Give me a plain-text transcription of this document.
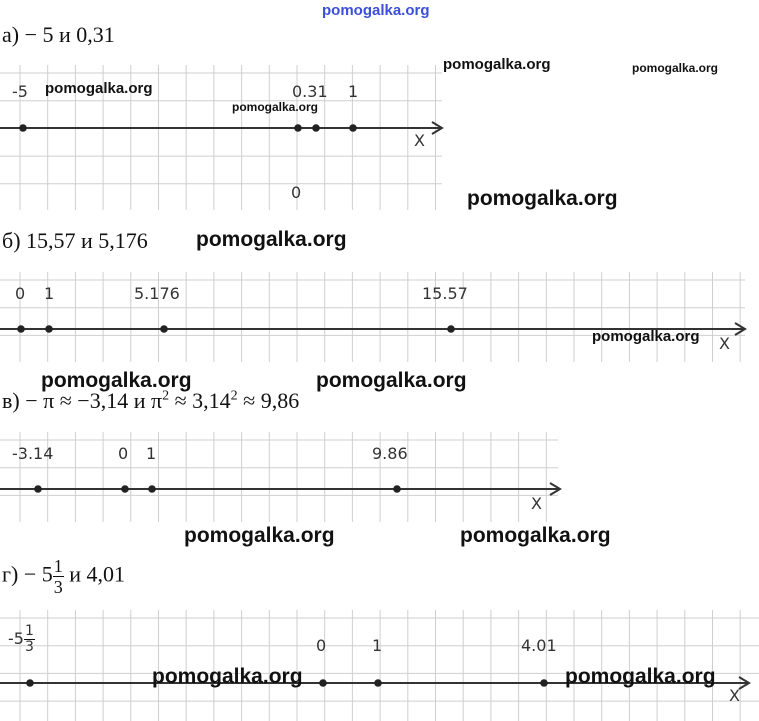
pomogalka.org
а) − 5 и 0,31
-5
0
0.31 1
X
б) 15,57 и 5,176
0 1	5.176	15.57
X
в) − π ≈ −3,14 и $\pi^2 \approx 3,14^2 \approx 9,86$
-3.14	0 1	9.86
X
$г) - 5 \frac{1}{3}$ и 4,01
$-5 \frac{1}{3}$	0	1	4.01
X
pomogalka.org	pomogalka.org
pomogalka.org
pomogalka.org
pomogalka.org
pomogalka.org
pomogalka.org
pomogalka.org	pomogalka.org
pomogalka.org	pomogalka.org
pomogalka.org	pomogalka.org
